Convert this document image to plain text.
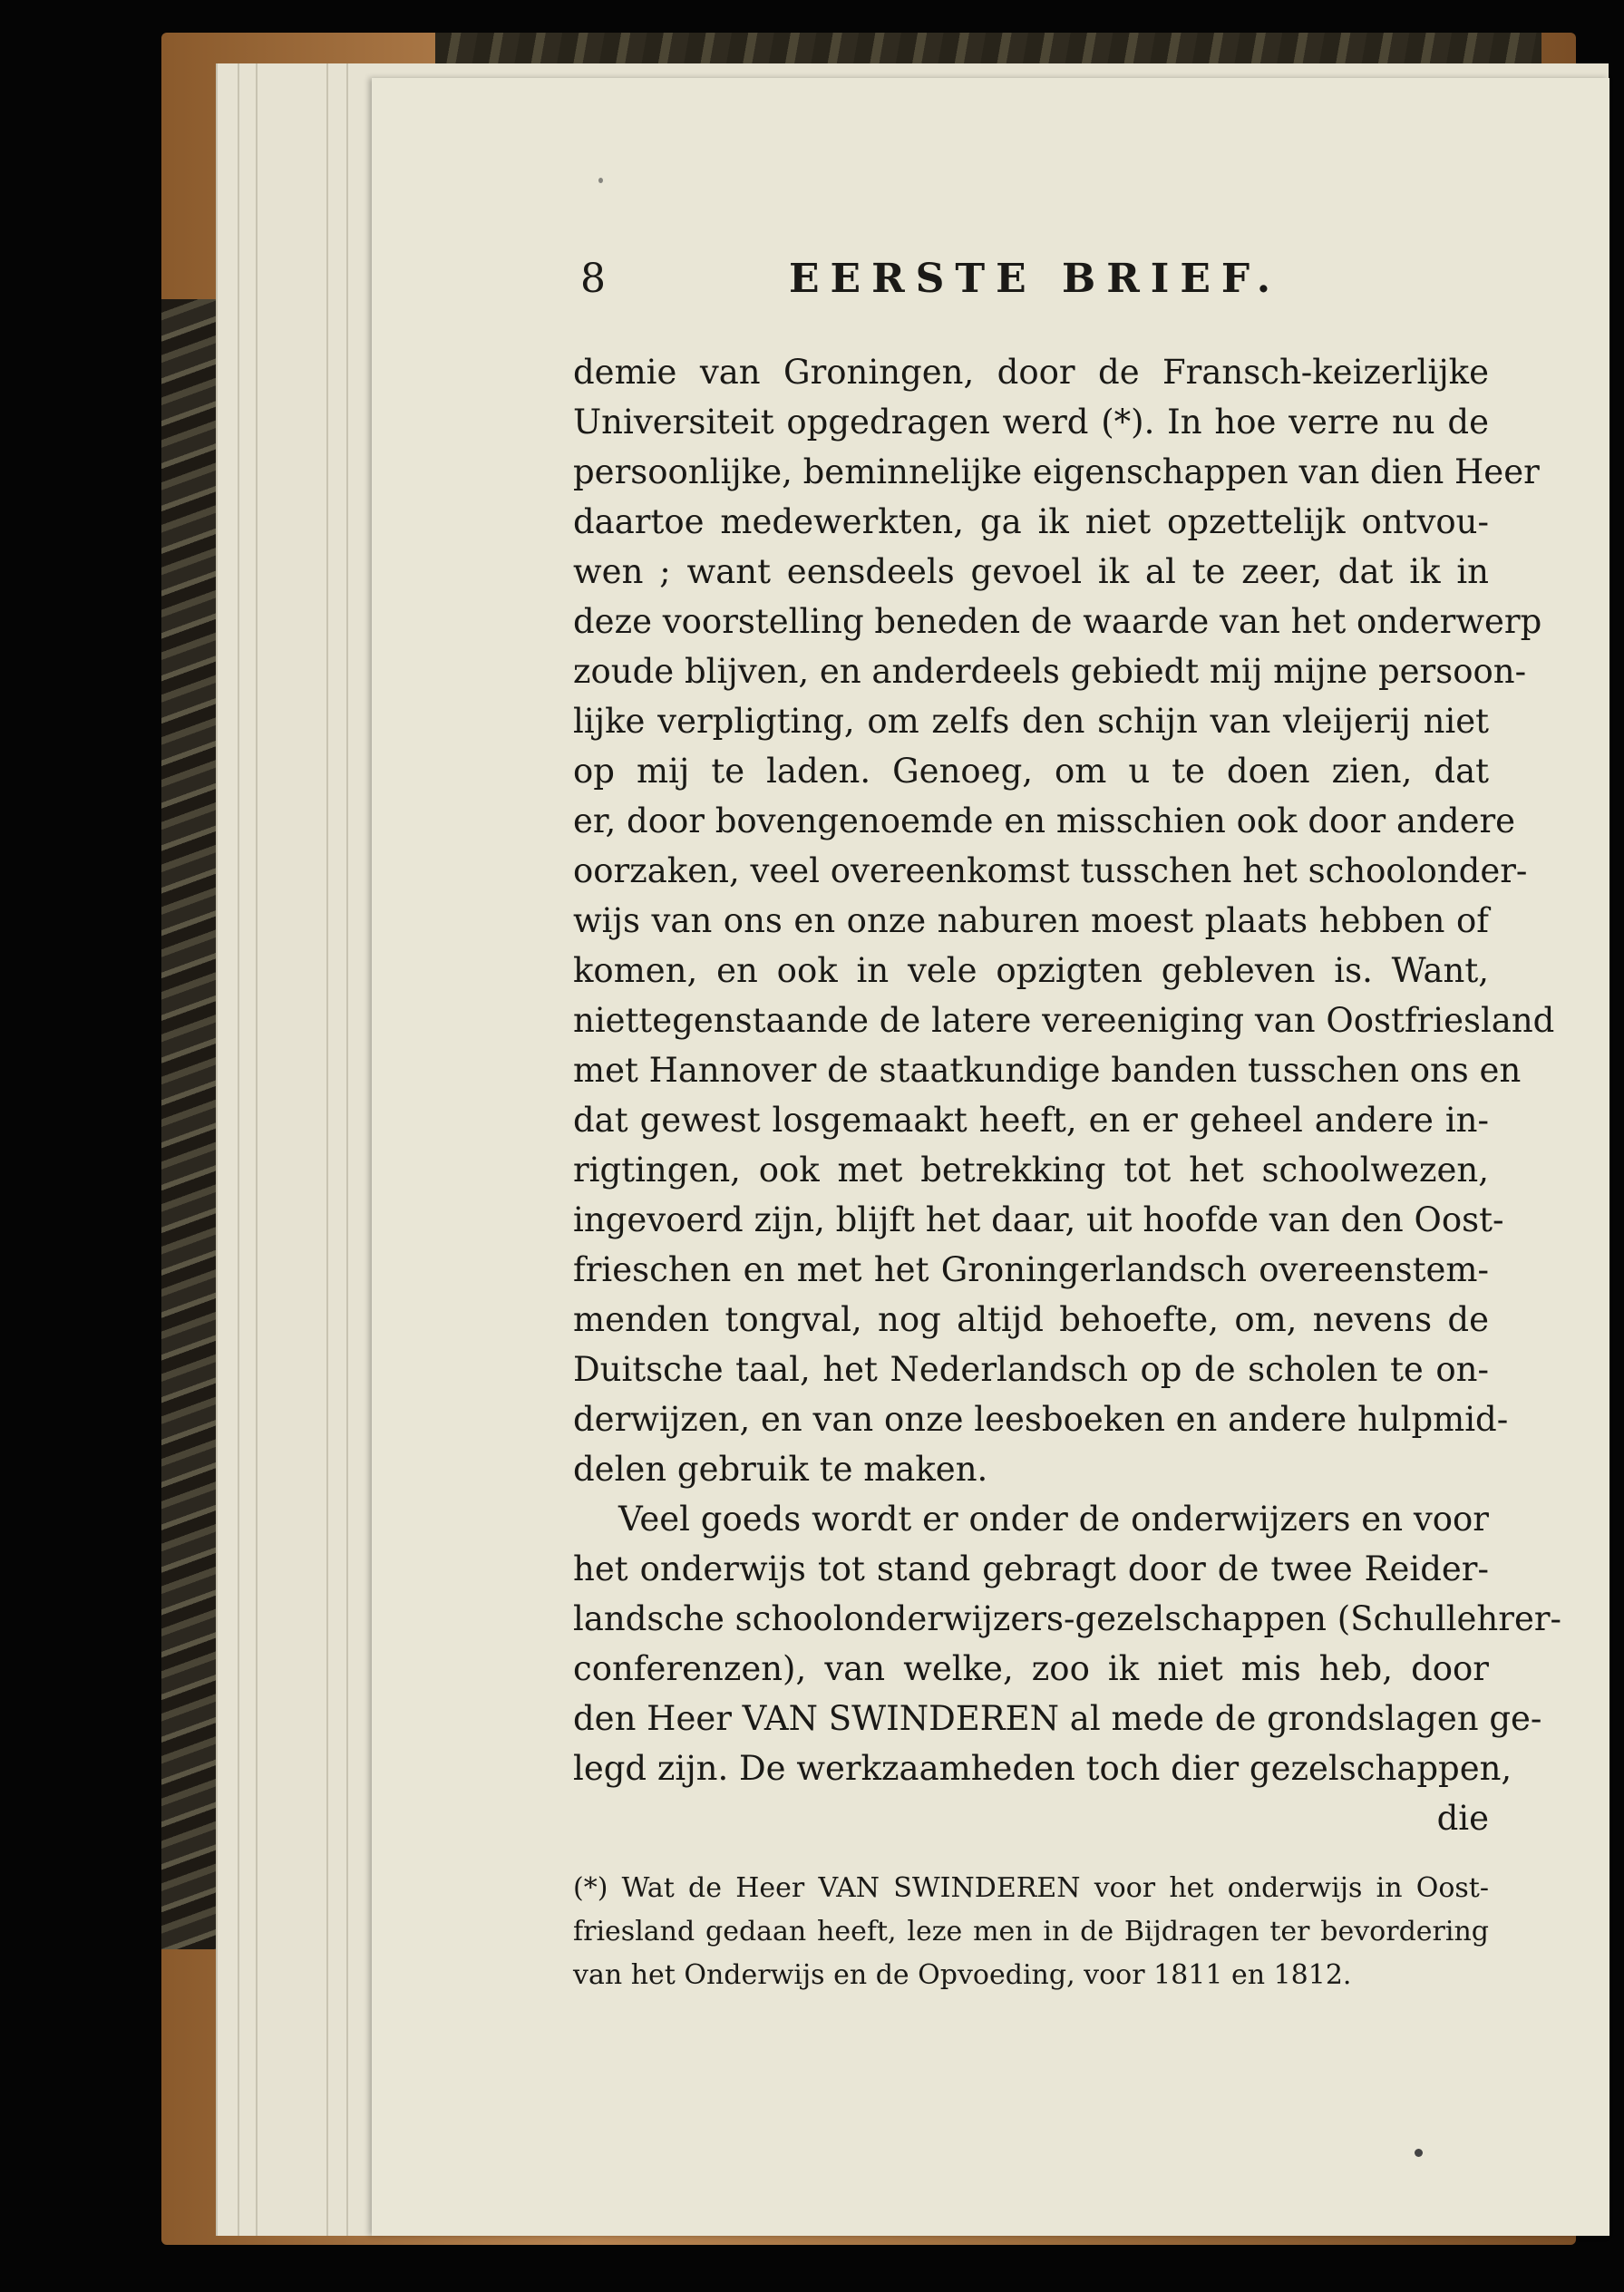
8	EERSTE BRIEF.
demie van Groningen, door de Fransch-keizerlijke
Universiteit opgedragen werd (*). In hoe verre nu de
persoonlijke, beminnelijke eigenschappen van dien Heer
daartoe medewerkten, ga ik niet opzettelijk ontvou-
wen ; want eensdeels gevoel ik al te zeer, dat ik in
deze voorstelling beneden de waarde van het onderwerp
zoude blijven, en anderdeels gebiedt mij mijne persoon-
lijke verpligting, om zelfs den schijn van vleijerij niet
op mij te laden. Genoeg, om u te doen zien, dat
er, door bovengenoemde en misschien ook door andere
oorzaken, veel overeenkomst tusschen het schoolonder-
wijs van ons en onze naburen moest plaats hebben of
komen, en ook in vele opzigten gebleven is. Want,
niettegenstaande de latere vereeniging van Oostfriesland
met Hannover de staatkundige banden tusschen ons en
dat gewest losgemaakt heeft, en er geheel andere in-
rigtingen, ook met betrekking tot het schoolwezen,
ingevoerd zijn, blijft het daar, uit hoofde van den Oost-
frieschen en met het Groningerlandsch overeenstem-
menden tongval, nog altijd behoefte, om, nevens de
Duitsche taal, het Nederlandsch op de scholen te on-
derwijzen, en van onze leesboeken en andere hulpmid-
delen gebruik te maken.
Veel goeds wordt er onder de onderwijzers en voor
het onderwijs tot stand gebragt door de twee Reider-
landsche schoolonderwijzers-gezelschappen (Schullehrer-
conferenzen), van welke, zoo ik niet mis heb, door
den Heer VAN SWINDEREN al mede de grondslagen ge-
legd zijn. De werkzaamheden toch dier gezelschappen,
die
(*) Wat de Heer VAN SWINDEREN voor het onderwijs in Oost-
friesland gedaan heeft, leze men in de Bijdragen ter bevordering
van het Onderwijs en de Opvoeding, voor 1811 en 1812.
